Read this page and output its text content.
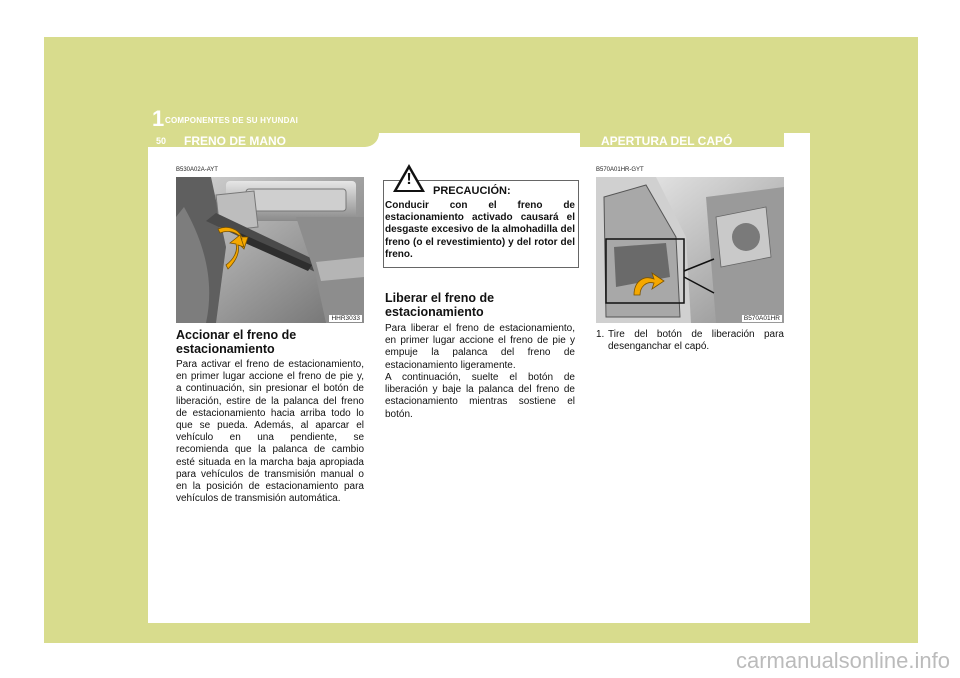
1 COMPONENTES DE SU HYUNDAI
50	FRENO DE MANO	APERTURA DEL CAPÓ
B530A02A-AYT
HHR3033
Accionar el freno de estacionamiento
Para activar el freno de estacionamiento, en primer lugar accione el freno de pie y, a continuación, sin presionar el botón de liberación, estire de la palanca del freno de estacionamiento hacia arriba todo lo que se pueda. Además, al aparcar el vehículo en una pendiente, se recomienda que la palanca de cambio esté situada en la marcha baja apropiada para vehículos de transmisión manual o en la posición de estacionamiento para vehículos de transmisión automática.
!
PRECAUCIÓN:
Conducir con el freno de estacionamiento activado causará el desgaste excesivo de la almohadilla del freno (o el revestimiento) y del rotor del freno.
Liberar el freno de estacionamiento
Para liberar el freno de estacionamiento, en primer lugar accione el freno de pie y empuje la palanca del freno de estacionamiento ligeramente.
A continuación, suelte el botón de liberación y baje la palanca del freno de estacionamiento mientras sostiene el botón.
B570A01HR-GYT
B570A01HR
1. Tire del botón de liberación para desenganchar el capó.
carmanualsonline.info
